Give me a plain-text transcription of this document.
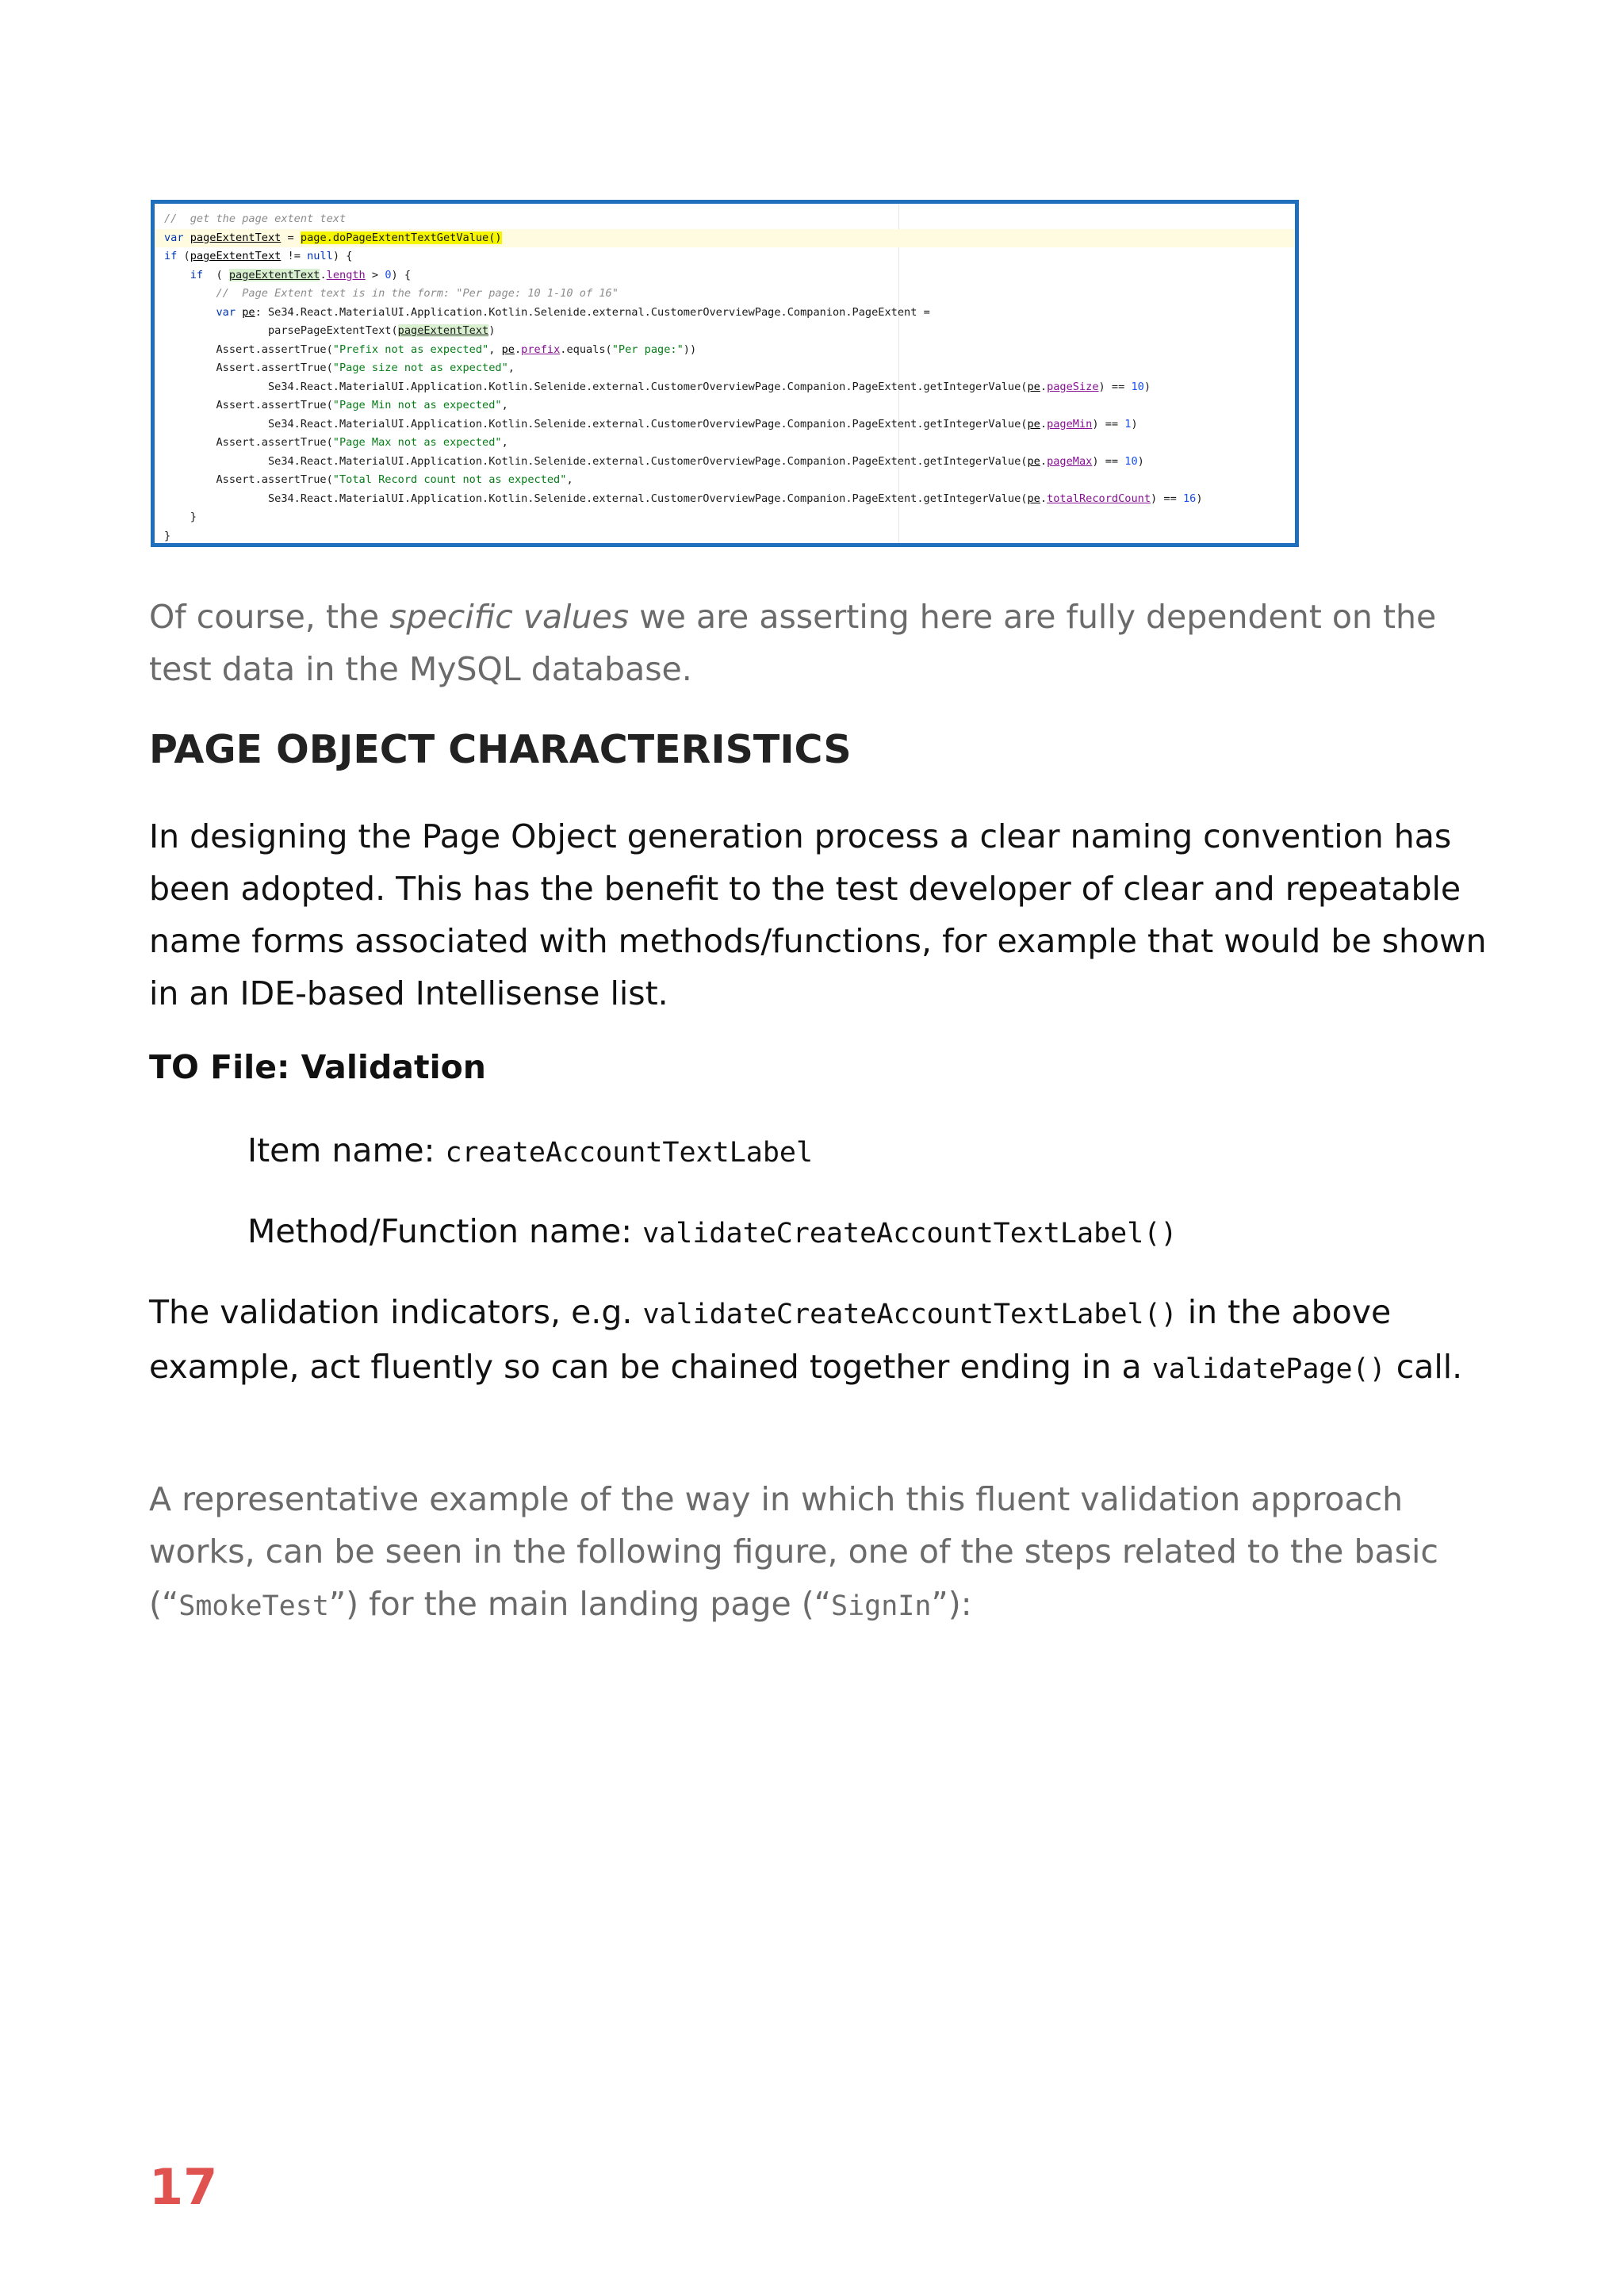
//  get the page extent text
var pageExtentText = page.doPageExtentTextGetValue()
if (pageExtentText != null) {
if  ( pageExtentText.length > 0) {
//  Page Extent text is in the form: "Per page: 10 1-10 of 16"
var pe: Se34.React.MaterialUI.Application.Kotlin.Selenide.external.CustomerOverviewPage.Companion.PageExtent =
parsePageExtentText(pageExtentText)
Assert.assertTrue("Prefix not as expected", pe.prefix.equals("Per page:"))
Assert.assertTrue("Page size not as expected",
Se34.React.MaterialUI.Application.Kotlin.Selenide.external.CustomerOverviewPage.Companion.PageExtent.getIntegerValue(pe.pageSize) == 10)
Assert.assertTrue("Page Min not as expected",
Se34.React.MaterialUI.Application.Kotlin.Selenide.external.CustomerOverviewPage.Companion.PageExtent.getIntegerValue(pe.pageMin) == 1)
Assert.assertTrue("Page Max not as expected",
Se34.React.MaterialUI.Application.Kotlin.Selenide.external.CustomerOverviewPage.Companion.PageExtent.getIntegerValue(pe.pageMax) == 10)
Assert.assertTrue("Total Record count not as expected",
Se34.React.MaterialUI.Application.Kotlin.Selenide.external.CustomerOverviewPage.Companion.PageExtent.getIntegerValue(pe.totalRecordCount) == 16)
}
}

Of course, the specific values we are asserting here are fully dependent on the test data in the MySQL database.

PAGE OBJECT CHARACTERISTICS

In designing the Page Object generation process a clear naming convention has been adopted. This has the benefit to the test developer of clear and repeatable name forms associated with methods/functions, for example that would be shown in an IDE-based Intellisense list.

TO File: Validation

Item name: createAccountTextLabel

Method/Function name: validateCreateAccountTextLabel()

The validation indicators, e.g. validateCreateAccountTextLabel() in the above example, act fluently so can be chained together ending in a validatePage() call.

A representative example of the way in which this fluent validation approach works, can be seen in the following figure, one of the steps related to the basic (“SmokeTest”) for the main landing page (“SignIn”):

17
